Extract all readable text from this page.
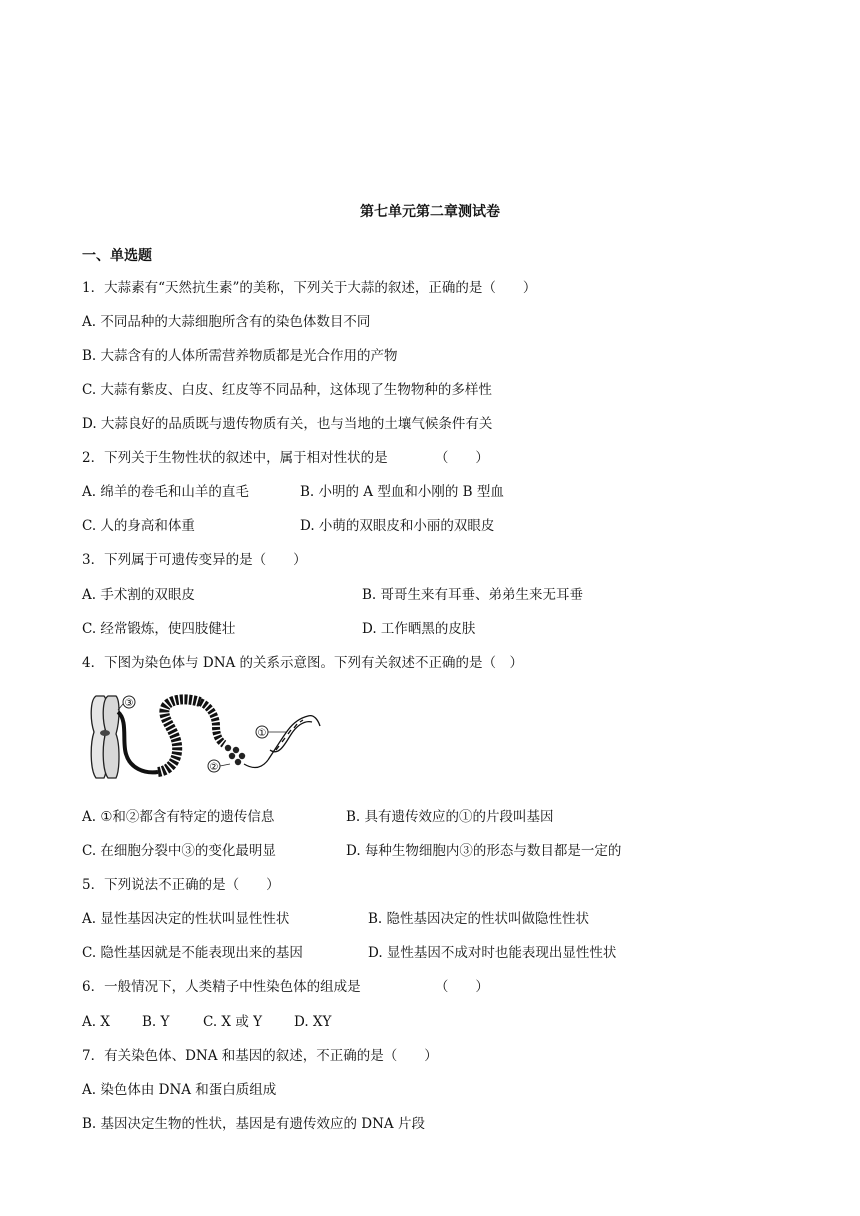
第七单元第二章测试卷
一、单选题
1．大蒜素有“天然抗生素”的美称，下列关于大蒜的叙述，正确的是（　　）
A. 不同品种的大蒜细胞所含有的染色体数目不同
B. 大蒜含有的人体所需营养物质都是光合作用的产物
C. 大蒜有紫皮、白皮、红皮等不同品种，这体现了生物物种的多样性
D. 大蒜良好的品质既与遗传物质有关，也与当地的土壤气候条件有关
2．下列关于生物性状的叙述中，属于相对性状的是　　　　（　　）
A. 绵羊的卷毛和山羊的直毛	B. 小明的 A 型血和小刚的 B 型血
C. 人的身高和体重	D. 小萌的双眼皮和小丽的双眼皮
3．下列属于可遗传变异的是（　　）
A. 手术割的双眼皮	B. 哥哥生来有耳垂、弟弟生来无耳垂
C. 经常锻炼，使四肢健壮	D. 工作晒黑的皮肤
4．下图为染色体与 DNA 的关系示意图。下列有关叙述不正确的是（　）
③
①
②
A. ①和②都含有特定的遗传信息	B. 具有遗传效应的①的片段叫基因
C. 在细胞分裂中③的变化最明显	D. 每种生物细胞内③的形态与数目都是一定的
5．下列说法不正确的是（　　）
A. 显性基因决定的性状叫显性性状	B. 隐性基因决定的性状叫做隐性性状
C. 隐性基因就是不能表现出来的基因	D. 显性基因不成对时也能表现出显性性状
6．一般情况下，人类精子中性染色体的组成是　　　　　　（　　）
A. X B. Y C. X 或 Y D. XY
7．有关染色体、DNA 和基因的叙述，不正确的是（　　）
A. 染色体由 DNA 和蛋白质组成
B. 基因决定生物的性状，基因是有遗传效应的 DNA 片段
